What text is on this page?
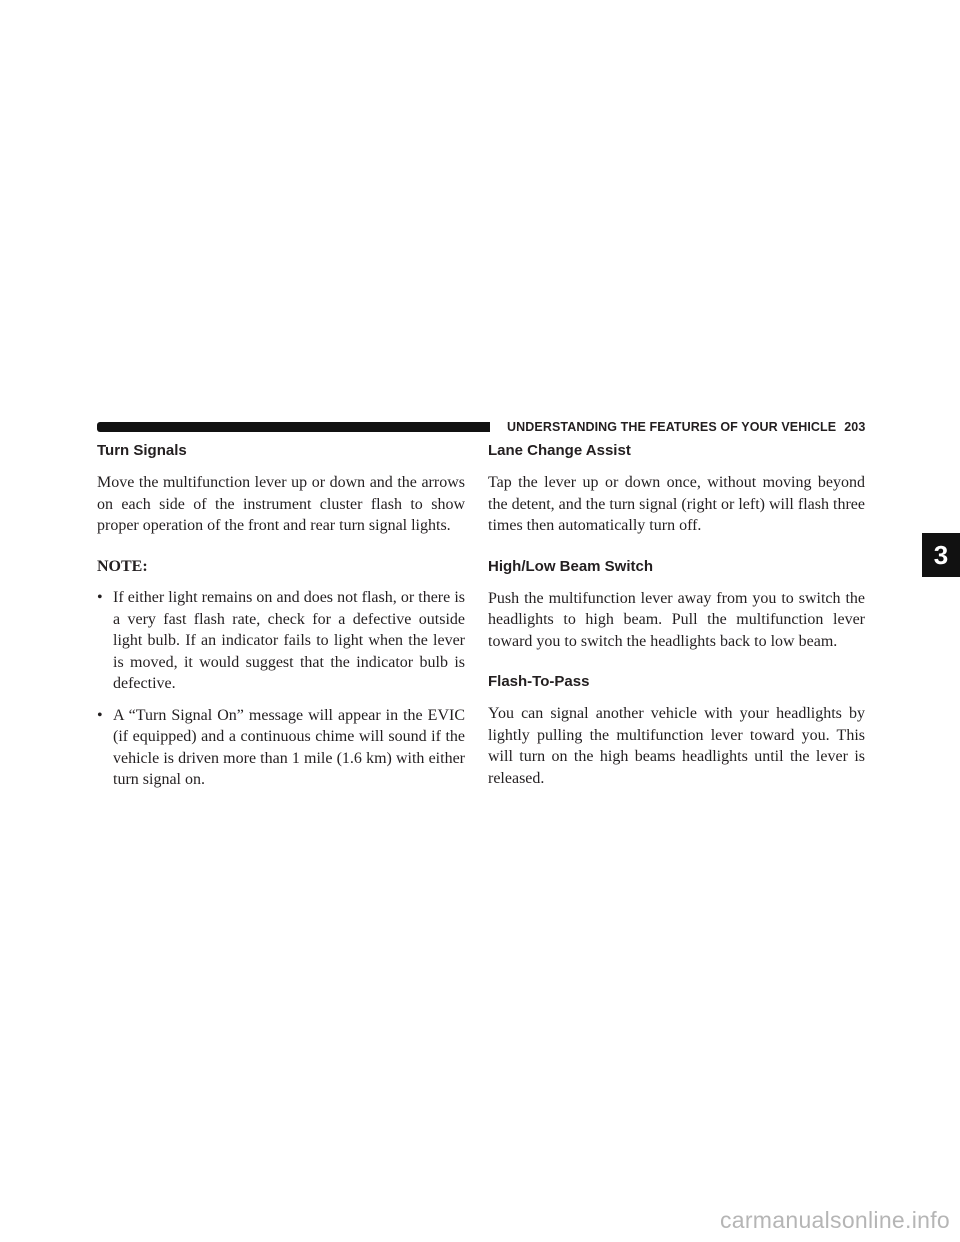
UNDERSTANDING THE FEATURES OF YOUR VEHICLE 203
Turn Signals

Move the multifunction lever up or down and the arrows on each side of the instrument cluster flash to show proper operation of the front and rear turn signal lights.

NOTE:
• If either light remains on and does not flash, or there is a very fast flash rate, check for a defective outside light bulb. If an indicator fails to light when the lever is moved, it would suggest that the indicator bulb is defective.
• A “Turn Signal On” message will appear in the EVIC (if equipped) and a continuous chime will sound if the vehicle is driven more than 1 mile (1.6 km) with either turn signal on.
Lane Change Assist

Tap the lever up or down once, without moving beyond the detent, and the turn signal (right or left) will flash three times then automatically turn off.

High/Low Beam Switch

Push the multifunction lever away from you to switch the headlights to high beam. Pull the multifunction lever toward you to switch the headlights back to low beam.

Flash-To-Pass

You can signal another vehicle with your headlights by lightly pulling the multifunction lever toward you. This will turn on the high beams headlights until the lever is released.

3
carmanualsonline.info
